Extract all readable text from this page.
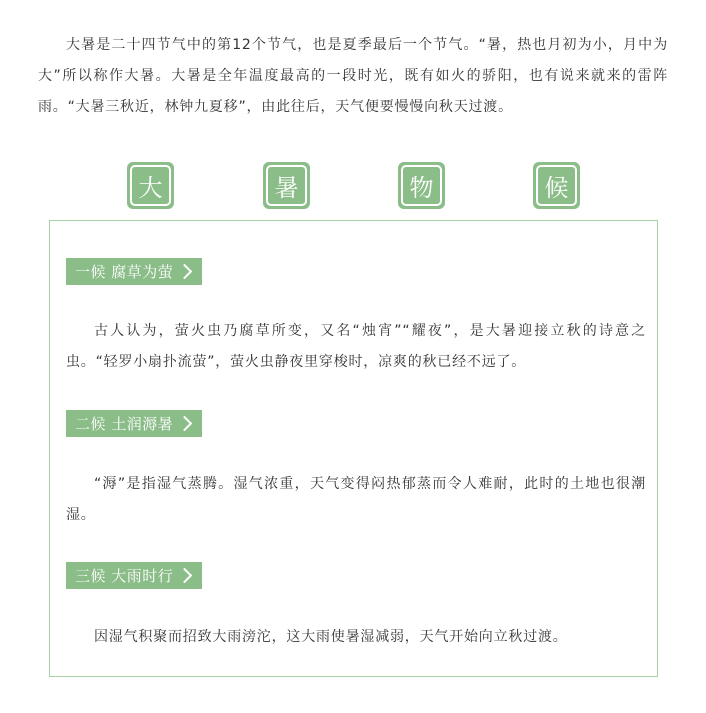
大暑是二十四节气中的第12个节气，也是夏季最后一个节气。“暑，热也月初为小，月中为大”所以称作大暑。大暑是全年温度最高的一段时光，既有如火的骄阳，也有说来就来的雷阵雨。“大暑三秋近，林钟九夏移”，由此往后，天气便要慢慢向秋天过渡。

大	暑	物	候
一候 腐草为萤

古人认为，萤火虫乃腐草所变，又名“烛宵”“耀夜”，是大暑迎接立秋的诗意之虫。“轻罗小扇扑流萤”，萤火虫静夜里穿梭时，凉爽的秋已经不远了。

二候 土润溽暑

“溽”是指湿气蒸腾。湿气浓重，天气变得闷热郁蒸而令人难耐，此时的土地也很潮湿。

三候 大雨时行

因湿气积聚而招致大雨滂沱，这大雨使暑湿减弱，天气开始向立秋过渡。
